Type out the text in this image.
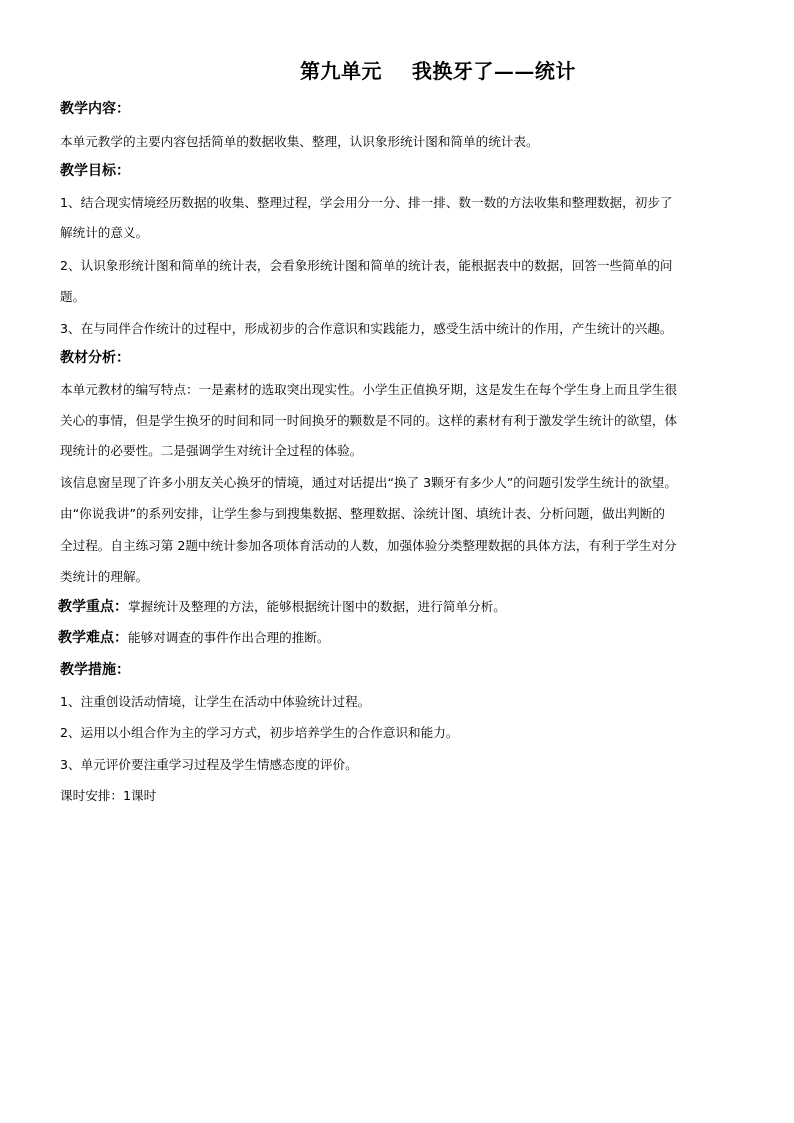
第九单元    我换牙了——统计
教学内容：
本单元教学的主要内容包括简单的数据收集、整理，认识象形统计图和简单的统计表。
教学目标：
1、结合现实情境经历数据的收集、整理过程，学会用分一分、排一排、数一数的方法收集和整理数据，初步了
解统计的意义。
2、认识象形统计图和简单的统计表，会看象形统计图和简单的统计表，能根据表中的数据，回答一些简单的问
题。
3、在与同伴合作统计的过程中，形成初步的合作意识和实践能力，感受生活中统计的作用，产生统计的兴趣。
教材分析：
本单元教材的编写特点：一是素材的选取突出现实性。小学生正值换牙期，这是发生在每个学生身上而且学生很
关心的事情，但是学生换牙的时间和同一时间换牙的颗数是不同的。这样的素材有利于激发学生统计的欲望，体
现统计的必要性。二是强调学生对统计全过程的体验。
该信息窗呈现了许多小朋友关心换牙的情境，通过对话提出“换了 3颗牙有多少人”的问题引发学生统计的欲望。
由“你说我讲”的系列安排，让学生参与到搜集数据、整理数据、涂统计图、填统计表、分析问题，做出判断的
全过程。自主练习第 2题中统计参加各项体育活动的人数，加强体验分类整理数据的具体方法，有利于学生对分
类统计的理解。
教学重点：掌握统计及整理的方法，能够根据统计图中的数据，进行简单分析。
教学难点：能够对调查的事件作出合理的推断。
教学措施：
1、注重创设活动情境，让学生在活动中体验统计过程。
2、运用以小组合作为主的学习方式，初步培养学生的合作意识和能力。
3、单元评价要注重学习过程及学生情感态度的评价。
课时安排：1课时
